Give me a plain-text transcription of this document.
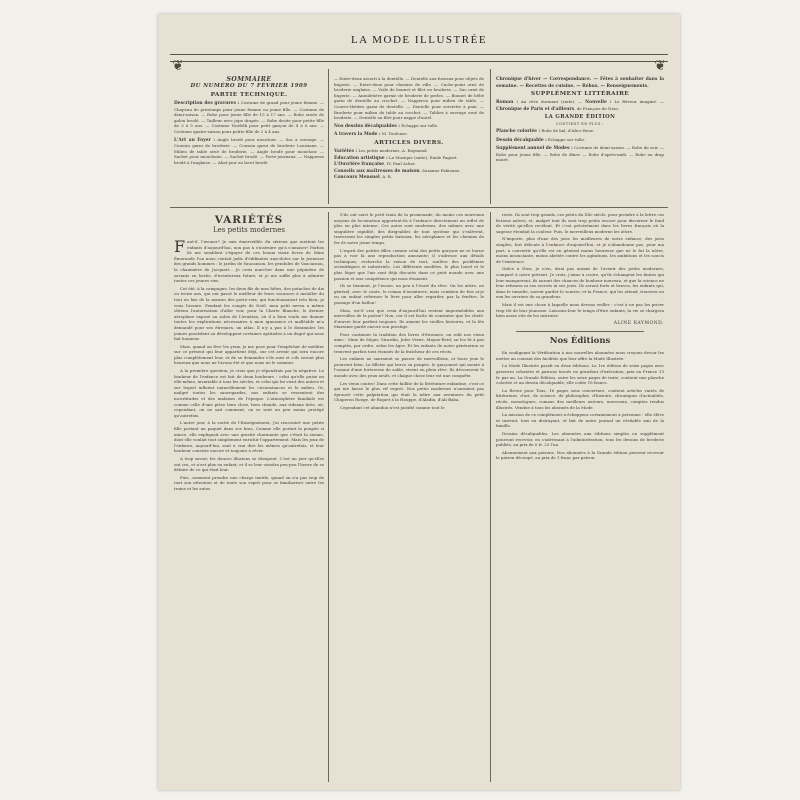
LA MODE ILLUSTRÉE
❦	❦
SOMMAIRE
DU NUMÉRO DU 7 FÉVRIER 1909
PARTIE TECHNIQUE.
Description des gravures : Costume de grand pour jeune femme. — Chapeau de printemps pour jeune femme ou jeune fille. — Costume de demi-saison. — Robe pour jeune fille de 15 à 17 ans. — Robe ornée de galon brodé. — Tailleur avec jupe drapée. — Robe droite pour petite fille de 3 à 5 ans. — Costume Norfolk pour petit garçon de 4 à 6 ans. — Costume quatre-saison pour petite fille de 2 à 4 ans.
L'Art au Foyer : Angle brodé pour mouchoir. — Sac à ouvrage. — Coussin garni de broderie. — Coussin garni de broderie Louisiane. — Milieu de table orné de broderie. — Angle brodé pour mouchoir. — Sachet pour mouchoirs. — Sachet brodé. — Porte-journaux. — Napperon brodé à l'anglaise. — Abat-jour en lacet brodé.
— Entre-deux assorti à la dentelle. — Dentelle aux fuseaux pour objets de lingerie. — Entre-deux pour chemise de ville. — Cache-point orné de broderie anglaise. — Voile de bonnet et filet en broderie. — Sac orné de lingerie. — Annuletière garnie de broderie de perles. — Bonnet de bébé garni de dentelle au crochet. — Napperon pour milieu de table. — Couvre-théière garni de dentelle. — Dentelle pour serviette à pain. — Broderie pour milieu de table au crochet. — Tablier à ouvrage orné de broderie. — Dentelle au filet pour nappe d'autel.
Nos dessins décalquables : Échappe sur tulle.
A travers la Mode : M. Toulouse.
ARTICLES DIVERS.
Variétés : Les petits modernes, A. Raymond.
Éducation artistique : La Musique (suite), Emile Faguet.
L'Ouvrière française, IV, Paul Acker.
Conseils aux maîtresses de maison, Suzanne Fabienne.
Concours Mensuel, A. R.
Chronique d'hiver — Correspondance. — Fêtes à souhaiter dans la semaine. — Recettes de cuisine. — Rébus. — Renseignements.
SUPPLÉMENT LITTÉRAIRE
Roman : Au rêve dormant (suite). — Nouvelle : Le Rêveur imaginé. — Chronique de Paris et d'ailleurs, de François de Nion.
LA GRANDE ÉDITION
CONTIENT EN PLUS :
Planche coloriée : Robe de bal, d'Alice Bouv.
Dessin décalquable : Échappe sur tulle.
Supplément annuel de Modes : Costume de demi-saison. — Robe du soir. — Robe pour jeune fille. — Robe de dîner. — Robe d'après-midi. — Robe ou drap moiré.
VARIÉTÉS
Les petits modernes

Faut-il, l'avouer? Je suis émerveillée du sérieux que mettent les enfants d'aujourd'hui, non pas à s'instruire qu'à s'amuser! Parfois ils me semblent s'égayer de ces beaux vieux livres de Mme Émeraude l'on nous contait jadis d'édifiantes anecdotes sur la jeunesse des grands hommes : le jardin de Vaucanson, les pendules de Vaucanson, la chaumière de Jacquart... Je crois marcher dans une pépinière de savants en herbe, d'aventureux futurs, et je me suffis plus à admirer toutes ces jeunes vies.

Cet été, à la campagne, les deux fils de mes hôtes, des potaches de dix ou treize ans, qui ont passé le meilleur de leurs vacances à installer du tout en bas de la maison des porte-voix, qui fonctionnaient très bien, je vous l'assure. Pendant les congés de Noël, mon petit neveu a même obtenu l'autorisation d'aller voir, pour la Charte Blanche, le dernier aéroplane exposé au salon de l'Aviation, où il a bien voulu me donner toutes les explications nécessaires à mon ignorance et malléable m'a demandé pour ses étrennes, un atlas. Il n'y a pas à le dissimuler, les jeunes possèdent ou développent certaines aptitudes à un degré qui nous fait honneur.

Mais, quand on lève les yeux, je me pose pour l'empêcher de méditer sur ce présent qui leur appartient déjà, sur cet avenir qui sera encore plus complètement leur, et de se demander s'ils sont et s'ils seront plus heureux que nous ne l'avons été et que nous ne le sommes.

A la première question, je crois que je répondrais par la négative. Le bonheur de l'enfance est fait de deux bonheurs : celui qu'elle puise en elle-même, invariable à tous les siècles, et celui qui lui vient des autres et sur lequel influent naturellement les circonstances et le milieu. Or, malgré toutes les sauvegardes, nos enfants se ressentent des incertitudes et des malaises de l'époque. L'atmosphère familiale est comme celle d'une pièce bien close, bien chaude, aux rideaux tirés, où, cependant, on ne sait comment, on se sent un peu moins protégé qu'autrefois.

L'autre jour, à la sortie de l'Enseignement, j'ai rencontré une petite fille portant un paquet dans ses bras. Comme elle portait la poupée si mince, elle expliquait avec une gravité charmante que c'était la sienne, dont elle voulait tout simplement enrichir l'appartement. Mais les jeux de l'enfance, aujourd'hui, sont à vrai dire les mêmes qu'autrefois, et leur bonheur consiste encore et toujours à rêver.

A trop savoir, les douces illusions se dissipent. C'est un jour qu'elles ont cru, et n'est plus en enfant; et il se leur viendra peu-peu l'heure de se défaire de ce qui était leur.

Puis, comment prendre une charge inutile, quand on n'a pas trop de tout son attention et de toute son esprit pour se familiariser entre les trains et les autos

S'ils ont suivi le petit train de la promenade, du moins ces nouveaux moyens de locomotion apportent-ils à l'enfance directement un reflet de plus en plus intense. Ces autos sont modernes, des mêmes avec une singulière rapidité, des dirigeables de tout système qui s'enlèvent, traversent les simples petits bateaux, les aéroplanes et les chemins de fer de notre jeune temps.

L'esprit des petites filles comme celui des petits garçons ne se borne pas à voir là une reproduction amusante; il s'adresse aux détails techniques, recherche la raison de tout, soulève des problèmes scientifiques et industriels. Les différents modèles, le plus lourd et le plus léger que l'air sont déjà discutés dans ce petit monde avec une passion et une compétence qui nous étonnent.

Ils se tiennent, je l'avoue, un peu à l'écart du rêve. On les attire, en général, avec le conte, le roman d'aventures; mais combien de fois ai-je vu un enfant refermer le livre pour aller regarder, par la fenêtre, le passage d'un ballon!

Mais, est-il vrai que ceux d'aujourd'hui restent imperméables aux merveilles de la poésie? Non, car il est facile de constater que les chefs-d'œuvre leur parlent toujours. Ils aiment les vieilles histoires, et la fée Marraine garde encore son prestige.

Pour continuer la tradition des livres d'étrennes, on relit nos vieux amis : Mme de Ségur, Girardin, Jules Verne, Mayne-Reid; on les lit à pas comptés, par ordre, selon les âges. Et les enfants de notre génération se trouvent parfois tout étonnés de la fraîcheur de ces récits.

Les enfants ne sauraient se passer de merveilleux, et leurs jeux le prouvent bien. La fillette qui berce sa poupée, le garçonnet qui monte à l'assaut d'une forteresse de sable, vivent en plein rêve. Ils découvrent le monde avec des yeux neufs, et chaque chose leur est une conquête.

Les vieux contes! Dans cette faillite de la littérature enfantine, c'est ce qui me laisse le plus vif regret. Nos petits modernes n'auraient pas éprouvé cette palpitation qui était la nôtre aux aventures du petit Chaperon Rouge, de Riquet à la Houppe, d'Aladin, d'Ali Baba.

Cependant cet abandon n'est justifié comme tout le

reste. Ils sont trop grands, ces petits du XXe siècle, pour prendre à la lettre ces fictions naïves; et, malgré tout ils sont trop petits encore pour discerner le fond de vérité qu'elles recèlent. Et c'est précisément dans les livres français où la sagesse étendait la couleur. Puis, le merveilleux moderne les attire.

N'importe, plus d'une des joies les meilleures de notre enfance, des joies simples, fort délicats à l'enfance d'aujourd'hui, et je n'abandonne pas, pour ma part, à convertir qu'elle est en général moins heureuse que ne le fut la nôtre, moins insouciante, moins abritée contre les agitations, les ambitions et les soucis de l'existence.

Grâce à Dieu, je n'en, dirai pas autant de l'avenir des petits modernes, comparé à notre présent. Je crois, j'aime à croire, qu'ils échangent les fautes qui leur manqueront, ils auront des chances de bonheur nouveau, et que la science ne leur refusera ni ses secrets ni ses joies. Ils seront forts et braves, les enfants qui, dans le tumulte, savent garder le sourire; et la France, qui les attend, trouvera en eux les ouvriers de sa grandeur.

Mais il est une chose à laquelle nous devons veiller : c'est à ne pas les priver trop tôt de leur jeunesse. Laissons-leur le temps d'être enfants; la vie se chargera bien assez vite de les instruire.

ALINE RAYMOND.
Nos Éditions

En soulignant la Vérification à nos nouvelles abonnées nous croyons devoir les mettre au courant des facilités que leur offre la Mode Illustrée.

La Mode Illustrée paraît en deux éditions. La 1re édition de seize pages avec gravures coloriées et patrons tracés en grandeur d'exécution, prix en France 13 fr. par an. La Grande Édition, outre les seize pages de texte, contient une planche coloriée et un dessin décalquable; elle coûte 18 francs.

La Revue pour Tous, 16 pages sous couverture, contient articles variés de littérature, d'art, de science, de philosophie, d'histoire, chroniques d'actualités, récits, monologues, romans des meilleurs auteurs, morceaux, comptes rendus illustrés. Vendue à tous les abonnés de la Mode.

La mission de ce complément n'échappera certainement à personne : elle élève et instruit, tout en distrayant, et fait de notre journal un véritable ami de la famille.

Dessins décalquables. Les abonnées aux éditions simples ou supplément pourront recevoir, en s'adressant à l'administration, tous les dessins de broderie publiés, au prix de 0 fr. 25 l'un.

Abonnement aux patrons. Nos abonnées à la Grande édition peuvent recevoir le patron découpé, au prix de 1 franc par patron.
